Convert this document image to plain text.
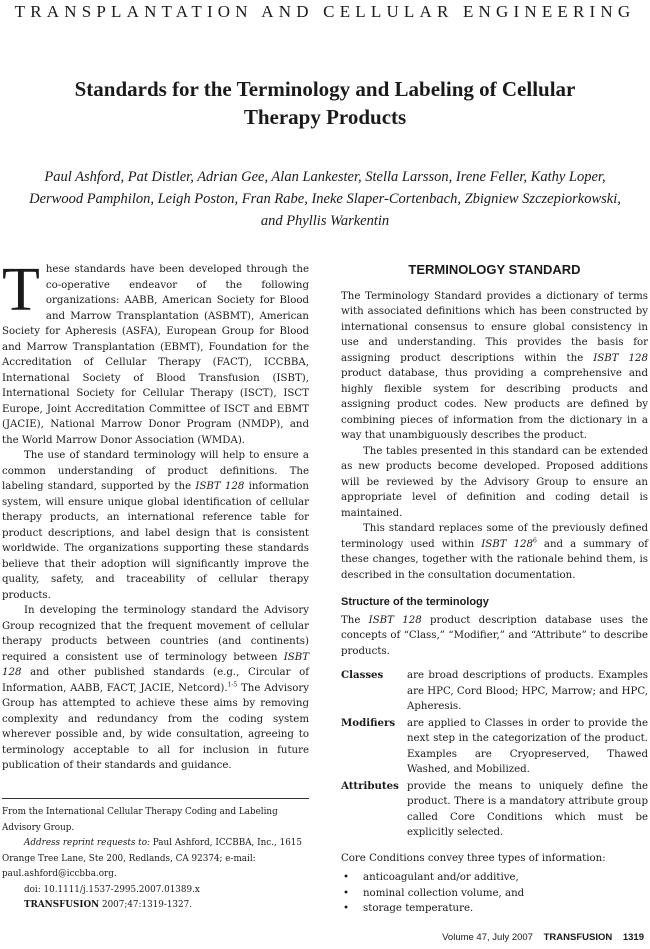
TRANSPLANTATION AND CELLULAR ENGINEERING
Standards for the Terminology and Labeling of Cellular Therapy Products
Paul Ashford, Pat Distler, Adrian Gee, Alan Lankester, Stella Larsson, Irene Feller, Kathy Loper,
Derwood Pamphilon, Leigh Poston, Fran Rabe, Ineke Slaper-Cortenbach, Zbigniew Szczepiorkowski,
and Phyllis Warkentin

These standards have been developed through the co-operative endeavor of the following organizations: AABB, American Society for Blood and Marrow Transplantation (ASBMT), American Society for Apheresis (ASFA), European Group for Blood and Marrow Transplantation (EBMT), Foundation for the Accreditation of Cellular Therapy (FACT), ICCBBA, International Society of Blood Transfusion (ISBT), International Society for Cellular Therapy (ISCT), ISCT Europe, Joint Accreditation Committee of ISCT and EBMT (JACIE), National Marrow Donor Program (NMDP), and the World Marrow Donor Association (WMDA).

The use of standard terminology will help to ensure a common understanding of product definitions. The labeling standard, supported by the ISBT 128 information system, will ensure unique global identification of cellular therapy products, an international reference table for product descriptions, and label design that is consistent worldwide. The organizations supporting these standards believe that their adoption will significantly improve the quality, safety, and traceability of cellular therapy products.

In developing the terminology standard the Advisory Group recognized that the frequent movement of cellular therapy products between countries (and continents) required a consistent use of terminology between ISBT 128 and other published standards (e.g., Circular of Information, AABB, FACT, JACIE, Netcord).$^{1-5}$ The Advisory Group has attempted to achieve these aims by removing complexity and redundancy from the coding system wherever possible and, by wide consultation, agreeing to terminology acceptable to all for inclusion in future publication of their standards and guidance.

From the International Cellular Therapy Coding and Labeling Advisory Group.

Address reprint requests to: Paul Ashford, ICCBBA, Inc., 1615 Orange Tree Lane, Ste 200, Redlands, CA 92374; e-mail: paul.ashford@iccbba.org.

doi: 10.1111/j.1537-2995.2007.01389.x

TRANSFUSION 2007;47:1319-1327.

TERMINOLOGY STANDARD

The Terminology Standard provides a dictionary of terms with associated definitions which has been constructed by international consensus to ensure global consistency in use and understanding. This provides the basis for assigning product descriptions within the ISBT 128 product database, thus providing a comprehensive and highly flexible system for describing products and assigning product codes. New products are defined by combining pieces of information from the dictionary in a way that unambiguously describes the product.

The tables presented in this standard can be extended as new products become developed. Proposed additions will be reviewed by the Advisory Group to ensure an appropriate level of definition and coding detail is maintained.

This standard replaces some of the previously defined terminology used within ISBT $128^6$ and a summary of these changes, together with the rationale behind them, is described in the consultation documentation.

Structure of the terminology

The ISBT 128 product description database uses the concepts of “Class,” “Modifier,” and “Attribute” to describe products.

Classes	are broad descriptions of products. Examples are HPC, Cord Blood; HPC, Marrow; and HPC, Apheresis.
Modifiers	are applied to Classes in order to provide the next step in the categorization of the product. Examples are Cryopreserved, Thawed Washed, and Mobilized.
Attributes provide the means to uniquely define the product. There is a mandatory attribute group called Core Conditions which must be explicitly selected.

Core Conditions convey three types of information:

• anticoagulant and/or additive,
• nominal collection volume, and
• storage temperature.
Volume 47, July 2007 TRANSFUSION 1319
